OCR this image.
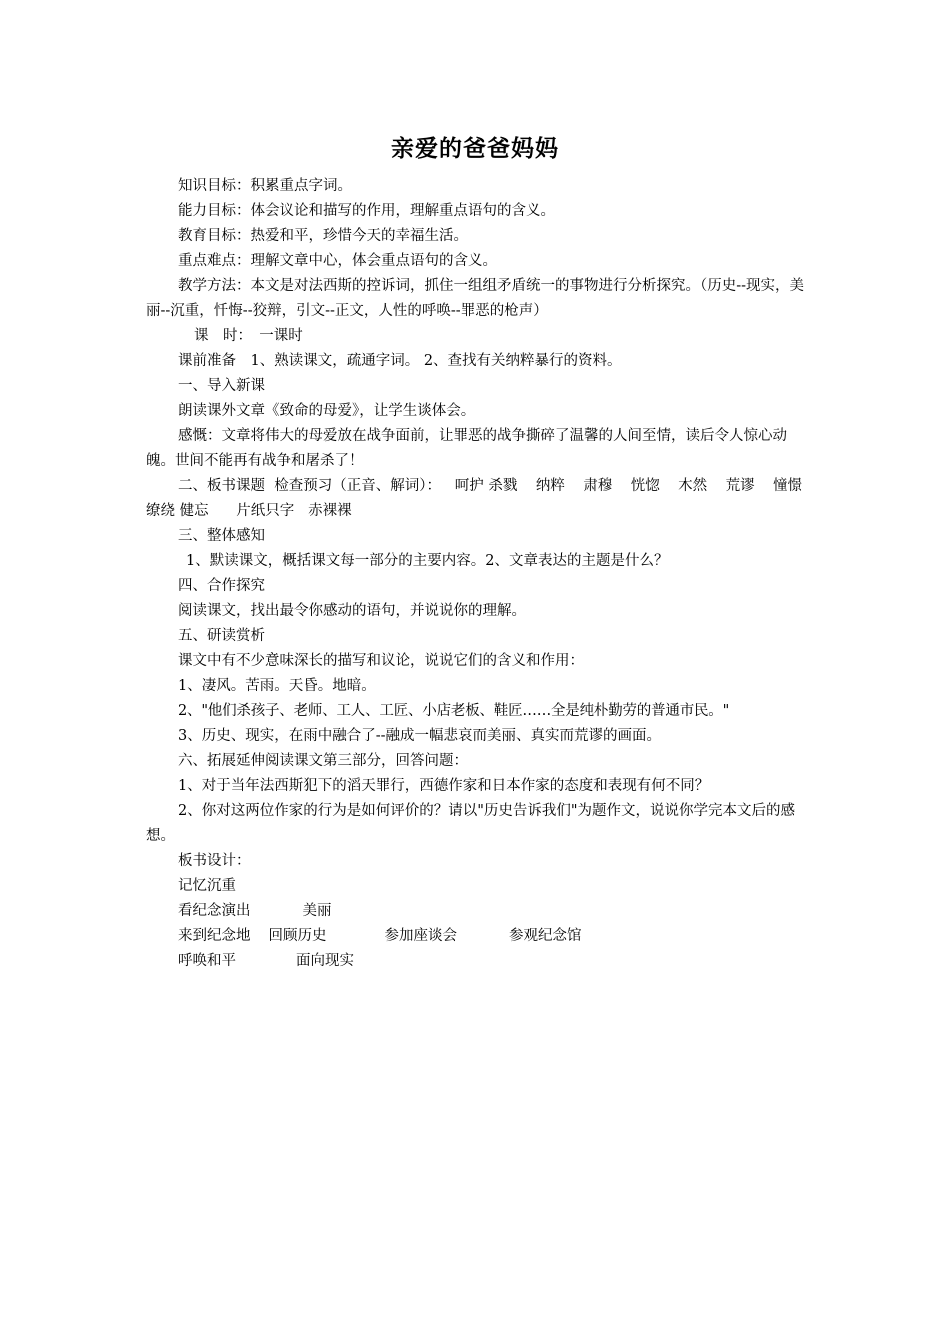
亲爱的爸爸妈妈

知识目标：积累重点字词。

能力目标：体会议论和描写的作用，理解重点语句的含义。

教育目标：热爱和平，珍惜今天的幸福生活。

重点难点：理解文章中心，体会重点语句的含义。

教学方法：本文是对法西斯的控诉词，抓住一组组矛盾统一的事物进行分析探究。（历史--现实，美丽--沉重，忏悔--狡辩，引文--正文，人性的呼唤--罪恶的枪声）

课　时：　一课时

课前准备　1、熟读课文，疏通字词。 2、查找有关纳粹暴行的资料。

一、导入新课

朗读课外文章《致命的母爱》，让学生谈体会。

感慨：文章将伟大的母爱放在战争面前，让罪恶的战争撕碎了温馨的人间至情，读后令人惊心动魄。世间不能再有战争和屠杀了！

二、板书课题  检查预习（正音、解词）：   呵护 杀戮    纳粹    肃穆    恍惚    木然    荒谬    憧憬    缭绕 健忘      片纸只字   赤裸裸

三、整体感知

1、默读课文，概括课文每一部分的主要内容。2、文章表达的主题是什么？

四、合作探究

阅读课文，找出最令你感动的语句，并说说你的理解。

五、研读赏析

课文中有不少意味深长的描写和议论，说说它们的含义和作用：

1、凄风。苦雨。天昏。地暗。

2、"他们杀孩子、老师、工人、工匠、小店老板、鞋匠……全是纯朴勤劳的普通市民。"

3、历史、现实，在雨中融合了--融成一幅悲哀而美丽、真实而荒谬的画面。

六、拓展延伸阅读课文第三部分，回答问题：

1、对于当年法西斯犯下的滔天罪行，西德作家和日本作家的态度和表现有何不同？

2、你对这两位作家的行为是如何评价的？请以"历史告诉我们"为题作文，说说你学完本文后的感想。

板书设计：

记忆沉重

看纪念演出	美丽

来到纪念地 回顾历史	参加座谈会	参观纪念馆

呼唤和平	面向现实
